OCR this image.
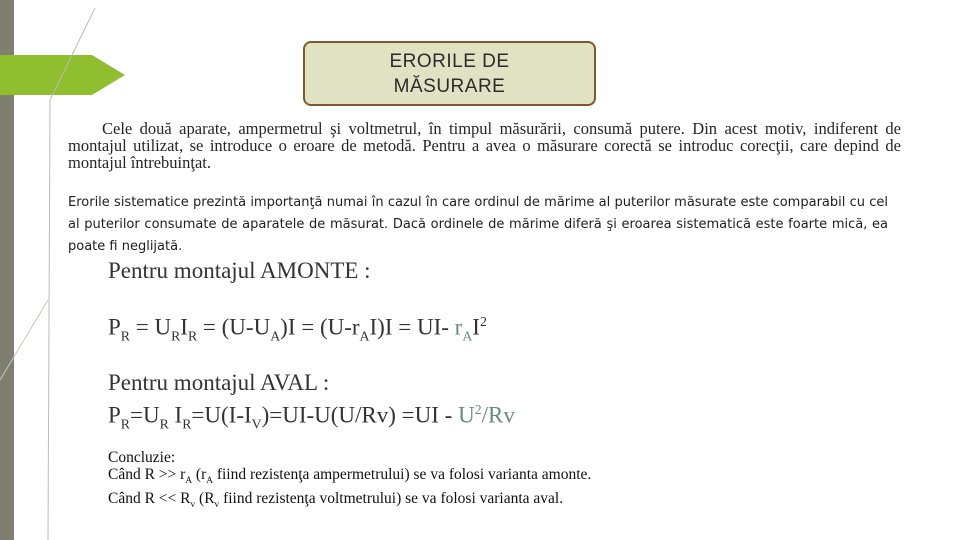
ERORILE DE
MĂSURARE
Cele două aparate, ampermetrul şi voltmetrul, în timpul măsurării, consumă putere. Din acest motiv, indiferent de montajul utilizat, se introduce o eroare de metodă. Pentru a avea o măsurare corectă se introduc corecţii, care depind de montajul întrebuinţat.
Erorile sistematice prezintă importanţă numai în cazul în care ordinul de mărime al puterilor măsurate este comparabil cu cel al puterilor consumate de aparatele de măsurat. Dacă ordinele de mărime diferă şi eroarea sistematică este foarte mică, ea poate fi neglijată.
Pentru montajul AMONTE :
$P_R = U_RI_R = (U-U_A)I = (U-r_AI)I = UI-$ $r_AI^2$
Pentru montajul AVAL :
$P_R=U_R$ $I_R=U(I-I_V)=UI-U(U/Rv) =UI - U^2/Rv$
Concluzie:
Când $R >> r_A$ ($r_A$ fiind rezistenţa ampermetrului) se va folosi varianta amonte.
Când $R << R_v$ ($R_v$ fiind rezistenţa voltmetrului) se va folosi varianta aval.
